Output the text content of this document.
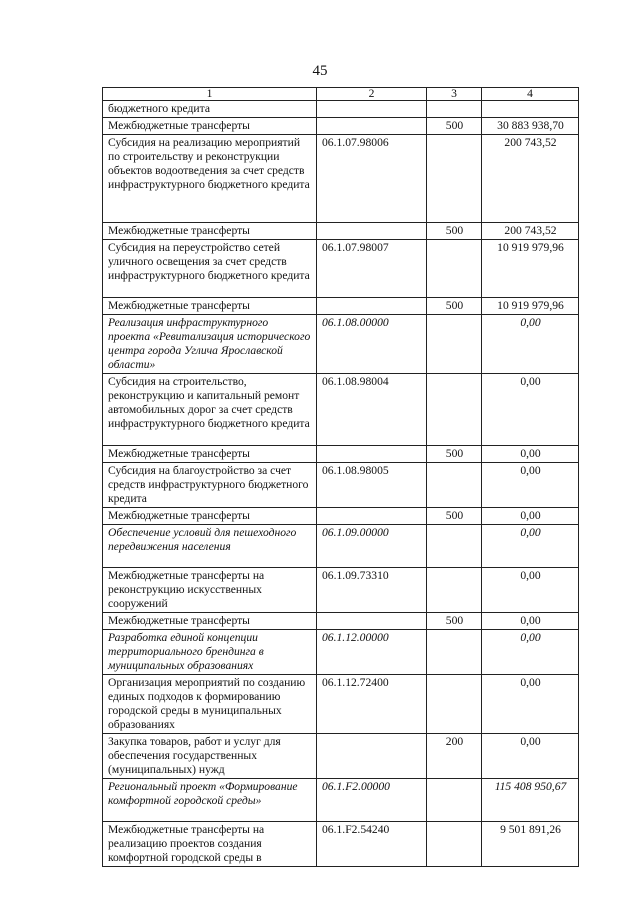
45
1	2	3	4
бюджетного кредита			
Межбюджетные трансферты		500	30 883 938,70
Субсидия на реализацию мероприятий по строительству и реконструкции объектов водоотведения за счет средств инфраструктурного бюджетного кредита	06.1.07.98006		200 743,52
Межбюджетные трансферты		500	200 743,52
Субсидия на переустройство сетей уличного освещения за счет средств инфраструктурного бюджетного кредита	06.1.07.98007		10 919 979,96
Межбюджетные трансферты		500	10 919 979,96
Реализация инфраструктурного проекта «Ревитализация исторического центра города Углича Ярославской области»	06.1.08.00000		0,00
Субсидия на строительство, реконструкцию и капитальный ремонт автомобильных дорог за счет средств инфраструктурного бюджетного кредита	06.1.08.98004		0,00
Межбюджетные трансферты		500	0,00
Субсидия на благоустройство за счет средств инфраструктурного бюджетного кредита	06.1.08.98005		0,00
Межбюджетные трансферты		500	0,00
Обеспечение условий для пешеходного передвижения населения	06.1.09.00000		0,00
Межбюджетные трансферты на реконструкцию искусственных сооружений	06.1.09.73310		0,00
Межбюджетные трансферты		500	0,00
Разработка единой концепции территориального брендинга в муниципальных образованиях	06.1.12.00000		0,00
Организация мероприятий по созданию единых подходов к формированию городской среды в муниципальных образованиях	06.1.12.72400		0,00
Закупка товаров, работ и услуг для обеспечения государственных (муниципальных) нужд		200	0,00
Региональный проект «Формирование комфортной городской среды»	06.1.F2.00000		115 408 950,67
Межбюджетные трансферты на реализацию проектов создания комфортной городской среды в	06.1.F2.54240		9 501 891,26
